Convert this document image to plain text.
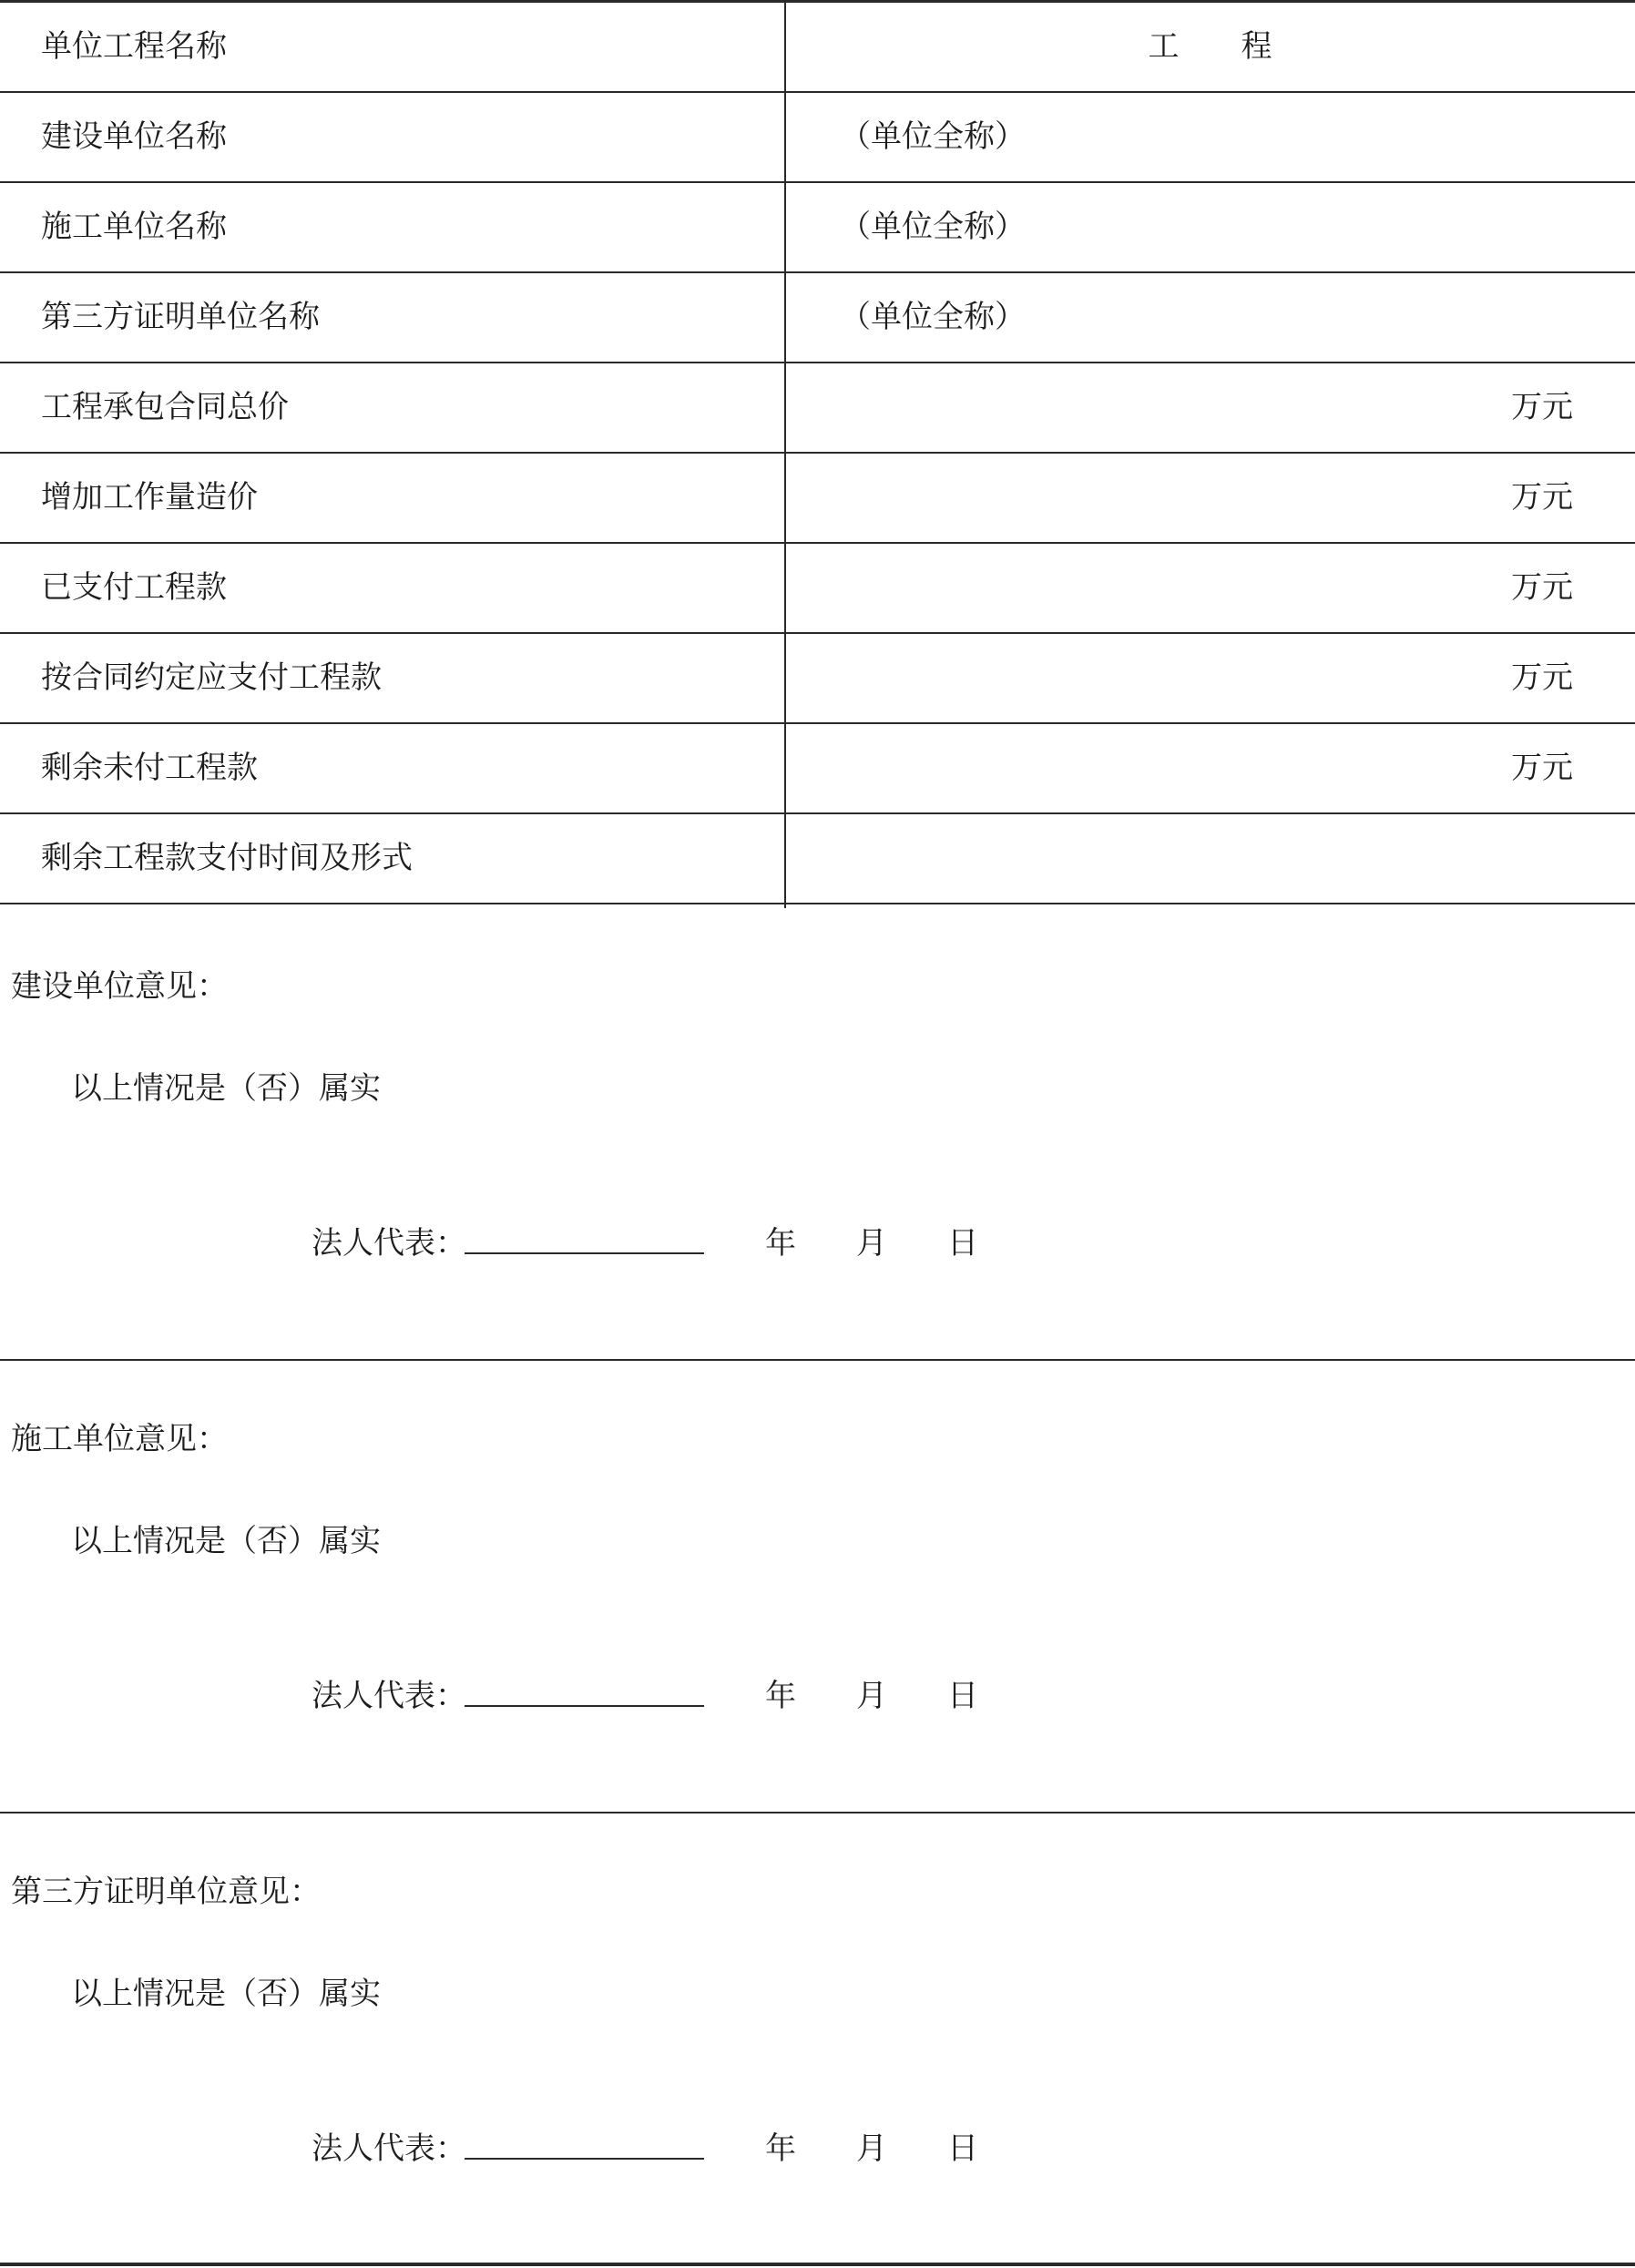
单位工程名称	工　　程
建设单位名称	（单位全称）
施工单位名称	（单位全称）
第三方证明单位名称	（单位全称）
工程承包合同总价	万元
增加工作量造价	万元
已支付工程款	万元
按合同约定应支付工程款	万元
剩余未付工程款	万元
剩余工程款支付时间及形式
建设单位意见：
以上情况是（否）属实
法人代表：	年 月 日
施工单位意见：
以上情况是（否）属实
法人代表：	年 月 日
第三方证明单位意见：
以上情况是（否）属实
法人代表：	年 月 日
